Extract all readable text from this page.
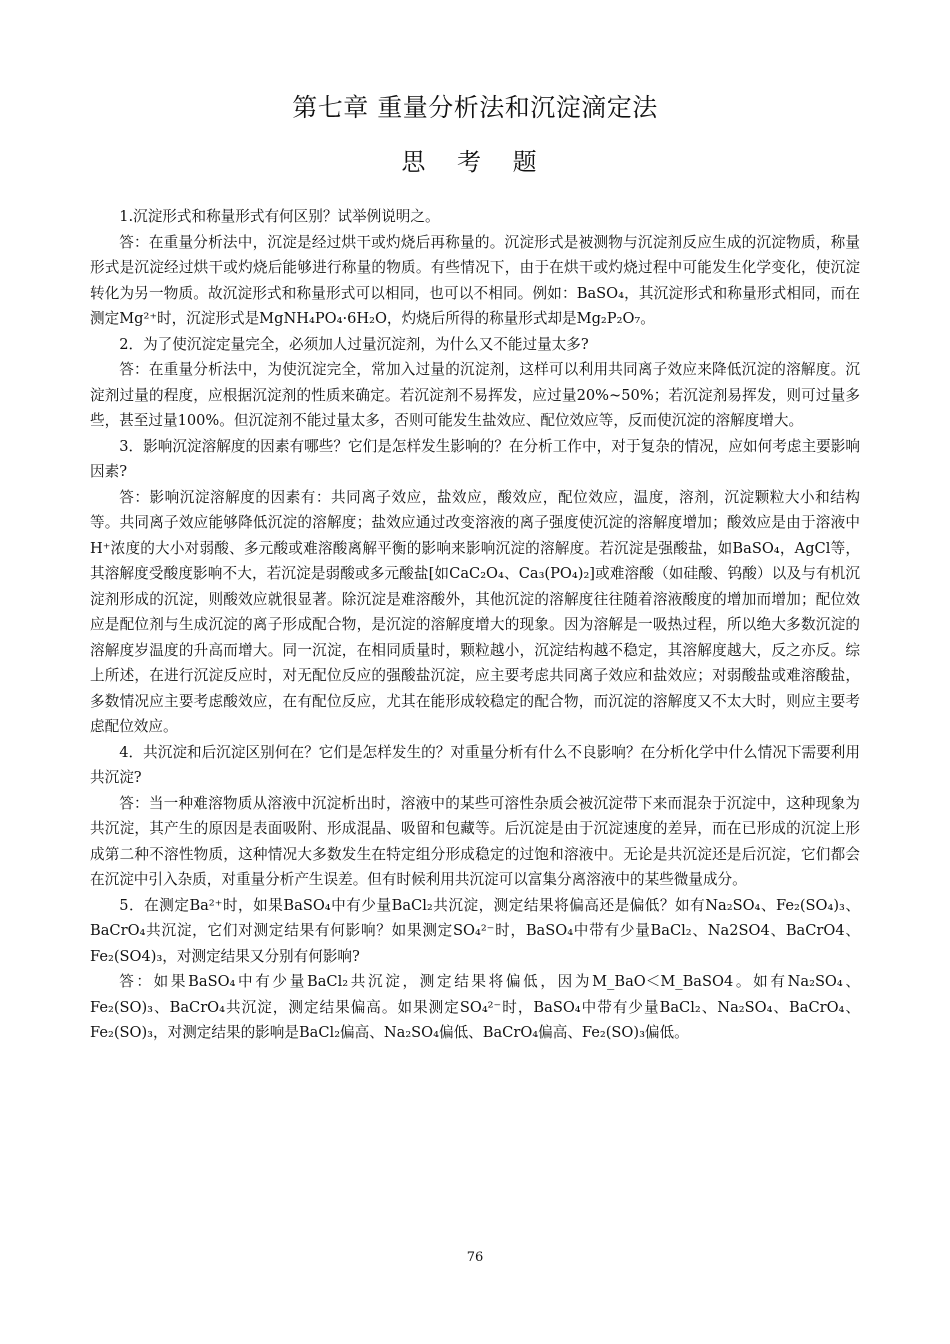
第七章 重量分析法和沉淀滴定法
思 考 题

1.沉淀形式和称量形式有何区别？试举例说明之。

答：在重量分析法中，沉淀是经过烘干或灼烧后再称量的。沉淀形式是被测物与沉淀剂反应生成的沉淀物质，称量形式是沉淀经过烘干或灼烧后能够进行称量的物质。有些情况下，由于在烘干或灼烧过程中可能发生化学变化，使沉淀转化为另一物质。故沉淀形式和称量形式可以相同，也可以不相同。例如：BaSO₄，其沉淀形式和称量形式相同，而在测定Mg²⁺时，沉淀形式是MgNH₄PO₄·6H₂O，灼烧后所得的称量形式却是Mg₂P₂O₇。

2．为了使沉淀定量完全，必须加人过量沉淀剂，为什么又不能过量太多?

答：在重量分析法中，为使沉淀完全，常加入过量的沉淀剂，这样可以利用共同离子效应来降低沉淀的溶解度。沉淀剂过量的程度，应根据沉淀剂的性质来确定。若沉淀剂不易挥发，应过量20%~50%；若沉淀剂易挥发，则可过量多些，甚至过量100%。但沉淀剂不能过量太多，否则可能发生盐效应、配位效应等，反而使沉淀的溶解度增大。

3．影响沉淀溶解度的因素有哪些？它们是怎样发生影响的？在分析工作中，对于复杂的情况，应如何考虑主要影响因素?

答：影响沉淀溶解度的因素有：共同离子效应，盐效应，酸效应，配位效应，温度，溶剂，沉淀颗粒大小和结构等。共同离子效应能够降低沉淀的溶解度；盐效应通过改变溶液的离子强度使沉淀的溶解度增加；酸效应是由于溶液中H⁺浓度的大小对弱酸、多元酸或难溶酸离解平衡的影响来影响沉淀的溶解度。若沉淀是强酸盐，如BaSO₄，AgCl等，其溶解度受酸度影响不大，若沉淀是弱酸或多元酸盐[如CaC₂O₄、Ca₃(PO₄)₂]或难溶酸（如硅酸、钨酸）以及与有机沉淀剂形成的沉淀，则酸效应就很显著。除沉淀是难溶酸外，其他沉淀的溶解度往往随着溶液酸度的增加而增加；配位效应是配位剂与生成沉淀的离子形成配合物，是沉淀的溶解度增大的现象。因为溶解是一吸热过程，所以绝大多数沉淀的溶解度岁温度的升高而增大。同一沉淀，在相同质量时，颗粒越小，沉淀结构越不稳定，其溶解度越大，反之亦反。综上所述，在进行沉淀反应时，对无配位反应的强酸盐沉淀，应主要考虑共同离子效应和盐效应；对弱酸盐或难溶酸盐，多数情况应主要考虑酸效应，在有配位反应，尤其在能形成较稳定的配合物，而沉淀的溶解度又不太大时，则应主要考虑配位效应。

4．共沉淀和后沉淀区别何在？它们是怎样发生的？对重量分析有什么不良影响？在分析化学中什么情况下需要利用共沉淀?

答：当一种难溶物质从溶液中沉淀析出时，溶液中的某些可溶性杂质会被沉淀带下来而混杂于沉淀中，这种现象为共沉淀，其产生的原因是表面吸附、形成混晶、吸留和包藏等。后沉淀是由于沉淀速度的差异，而在已形成的沉淀上形成第二种不溶性物质，这种情况大多数发生在特定组分形成稳定的过饱和溶液中。无论是共沉淀还是后沉淀，它们都会在沉淀中引入杂质，对重量分析产生误差。但有时候利用共沉淀可以富集分离溶液中的某些微量成分。

5．在测定Ba²⁺时，如果BaSO₄中有少量BaCl₂共沉淀，测定结果将偏高还是偏低？如有Na₂SO₄、Fe₂(SO₄)₃、BaCrO₄共沉淀，它们对测定结果有何影响？如果测定SO₄²⁻时，BaSO₄中带有少量BaCl₂、Na2SO4、BaCrO4、Fe₂(SO4)₃，对测定结果又分别有何影响?

答：如果BaSO₄中有少量BaCl₂共沉淀，测定结果将偏低，因为M_BaO＜M_BaSO4。如有Na₂SO₄、Fe₂(SO)₃、BaCrO₄共沉淀，测定结果偏高。如果测定SO₄²⁻时，BaSO₄中带有少量BaCl₂、Na₂SO₄、BaCrO₄、Fe₂(SO)₃，对测定结果的影响是BaCl₂偏高、Na₂SO₄偏低、BaCrO₄偏高、Fe₂(SO)₃偏低。

76
